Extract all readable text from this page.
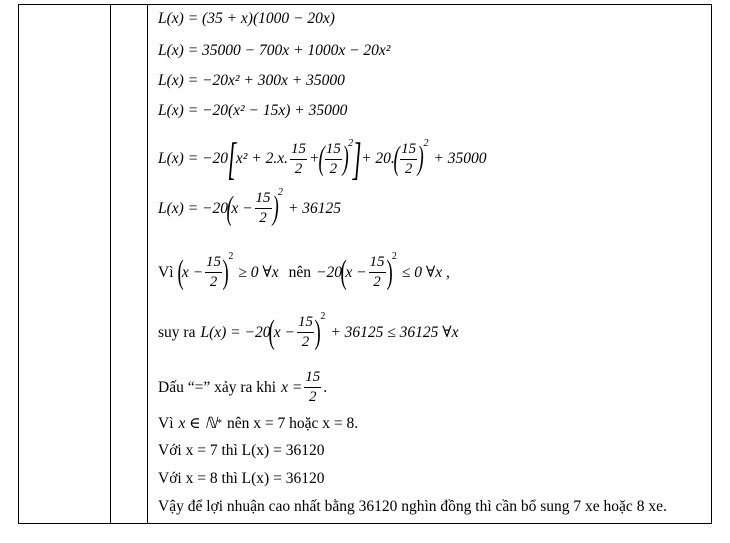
L(x) = (35 + x)(1000 − 20x)
L(x) = 35000 − 700x + 1000x − 20x²
L(x) = −20x² + 300x + 35000
L(x) = −20(x² − 15x) + 35000
L(x) = −20 [ x² + 2.x. $\frac{15}{2}$ +
( $\frac{15}{2}$ ) 2 ] + 20.
( $\frac{15}{2}$ ) 2
+ 35000
L(x) = −20
(
$x - \frac{15}{2}$ ) 2
+ 36125
Vì (
$x - \frac{15}{2}$ ) 2
≥ 0 ∀x nên −20
(
$x - \frac{15}{2}$ ) 2
≤ 0 ∀x ,
suy ra L(x) = −20
(
$x - \frac{15}{2}$ ) 2
+ 36125 ≤ 36125 ∀x
Dấu “=” xảy ra khi $x = \frac{15}{2}$ .
Vì x ∈ ℕ * nên x = 7 hoặc x = 8.
Với x = 7 thì L(x) = 36120
Với x = 8 thì L(x) = 36120
Vậy để lợi nhuận cao nhất bằng 36120 nghìn đồng thì cần bổ sung 7 xe hoặc 8 xe.
